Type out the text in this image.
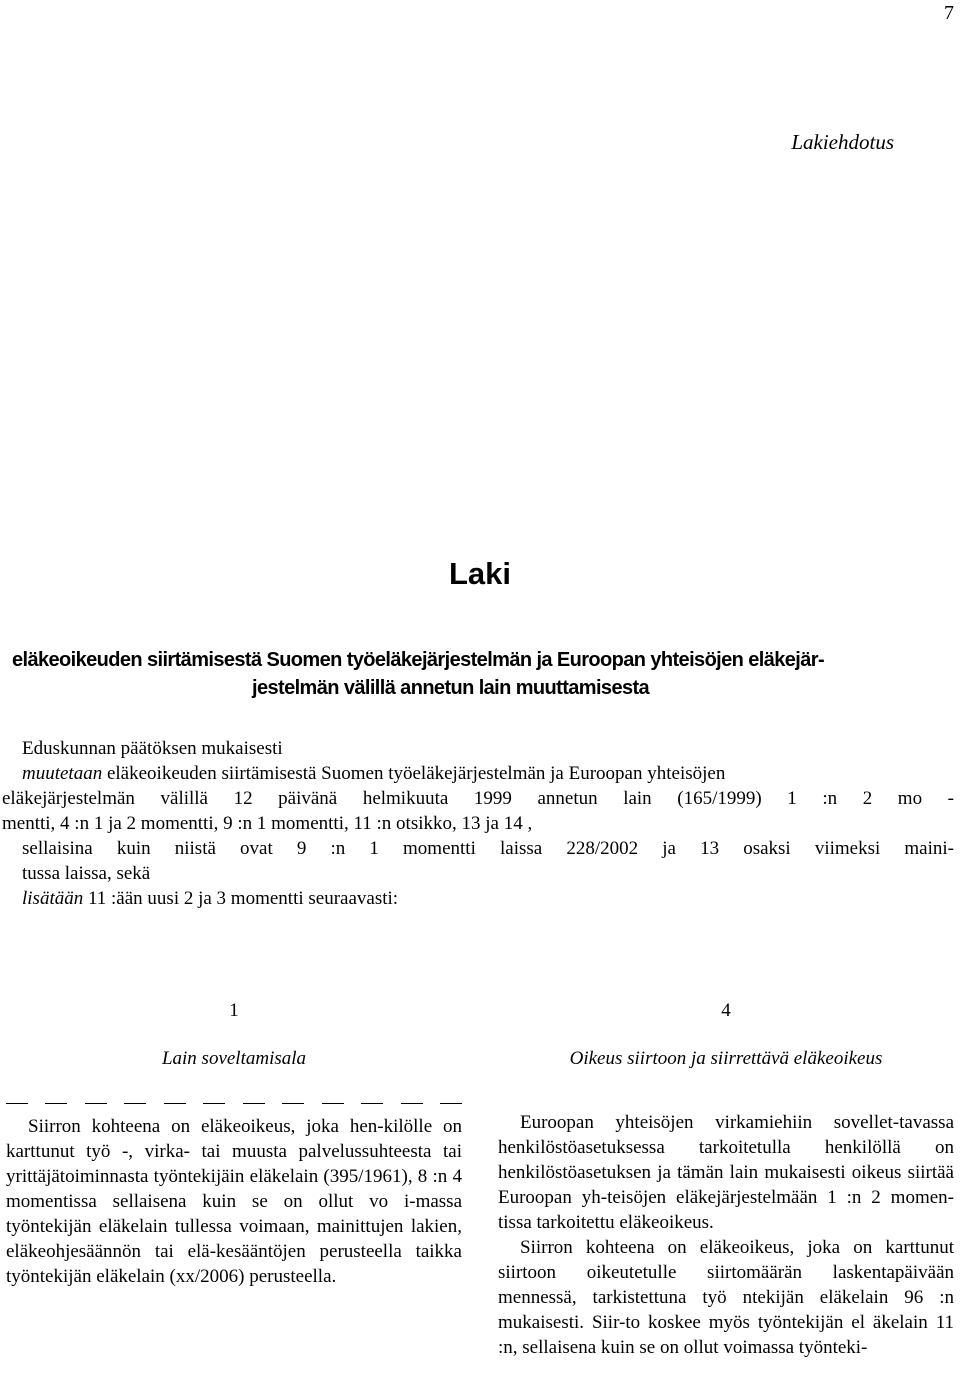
7
Lakiehdotus
Laki
eläkeoikeuden siirtämisestä Suomen työeläkejärjestelmän ja Euroopan yhteisöjen eläkejär-
jestelmän välillä annetun lain muuttamisesta
Eduskunnan päätöksen mukaisesti
muutetaan eläkeoikeuden siirtämisestä Suomen työeläkejärjestelmän ja Euroopan yhteisöjen
eläkejärjestelmän välillä 12 päivänä helmikuuta 1999 annetun lain (165/1999) 1 :n 2 mo -
mentti, 4 :n 1 ja 2 momentti, 9 :n 1 momentti, 11 :n otsikko, 13 ja 14 ,
sellaisina kuin niistä ovat 9 :n 1 momentti laissa 228/2002 ja 13 osaksi viimeksi maini-
tussa laissa, sekä
lisätään 11 :ään uusi 2 ja 3 momentti seuraavasti:
1
Lain soveltamisala

Siirron kohteena on eläkeoikeus, joka hen-kilölle on karttunut työ -, virka- tai muusta palvelussuhteesta tai yrittäjätoiminnasta työntekijäin eläkelain (395/1961), 8 :n 4 momentissa sellaisena kuin se on ollut vo i-massa työntekijän eläkelain tullessa voimaan, mainittujen lakien, eläkeohjesäännön tai elä-kesääntöjen perusteella taikka työntekijän eläkelain (xx/2006) perusteella.

4
Oikeus siirtoon ja siirrettävä eläkeoikeus

Euroopan yhteisöjen virkamiehiin sovellet-tavassa henkilöstöasetuksessa tarkoitetulla henkilöllä on henkilöstöasetuksen ja tämän lain mukaisesti oikeus siirtää Euroopan yh-teisöjen eläkejärjestelmään 1 :n 2 momen-tissa tarkoitettu eläkeoikeus.

Siirron kohteena on eläkeoikeus, joka on karttunut siirtoon oikeutetulle siirtomäärän laskentapäivään mennessä, tarkistettuna työ ntekijän eläkelain 96 :n mukaisesti. Siir-to koskee myös työntekijän el äkelain 11 :n, sellaisena kuin se on ollut voimassa työnteki-
